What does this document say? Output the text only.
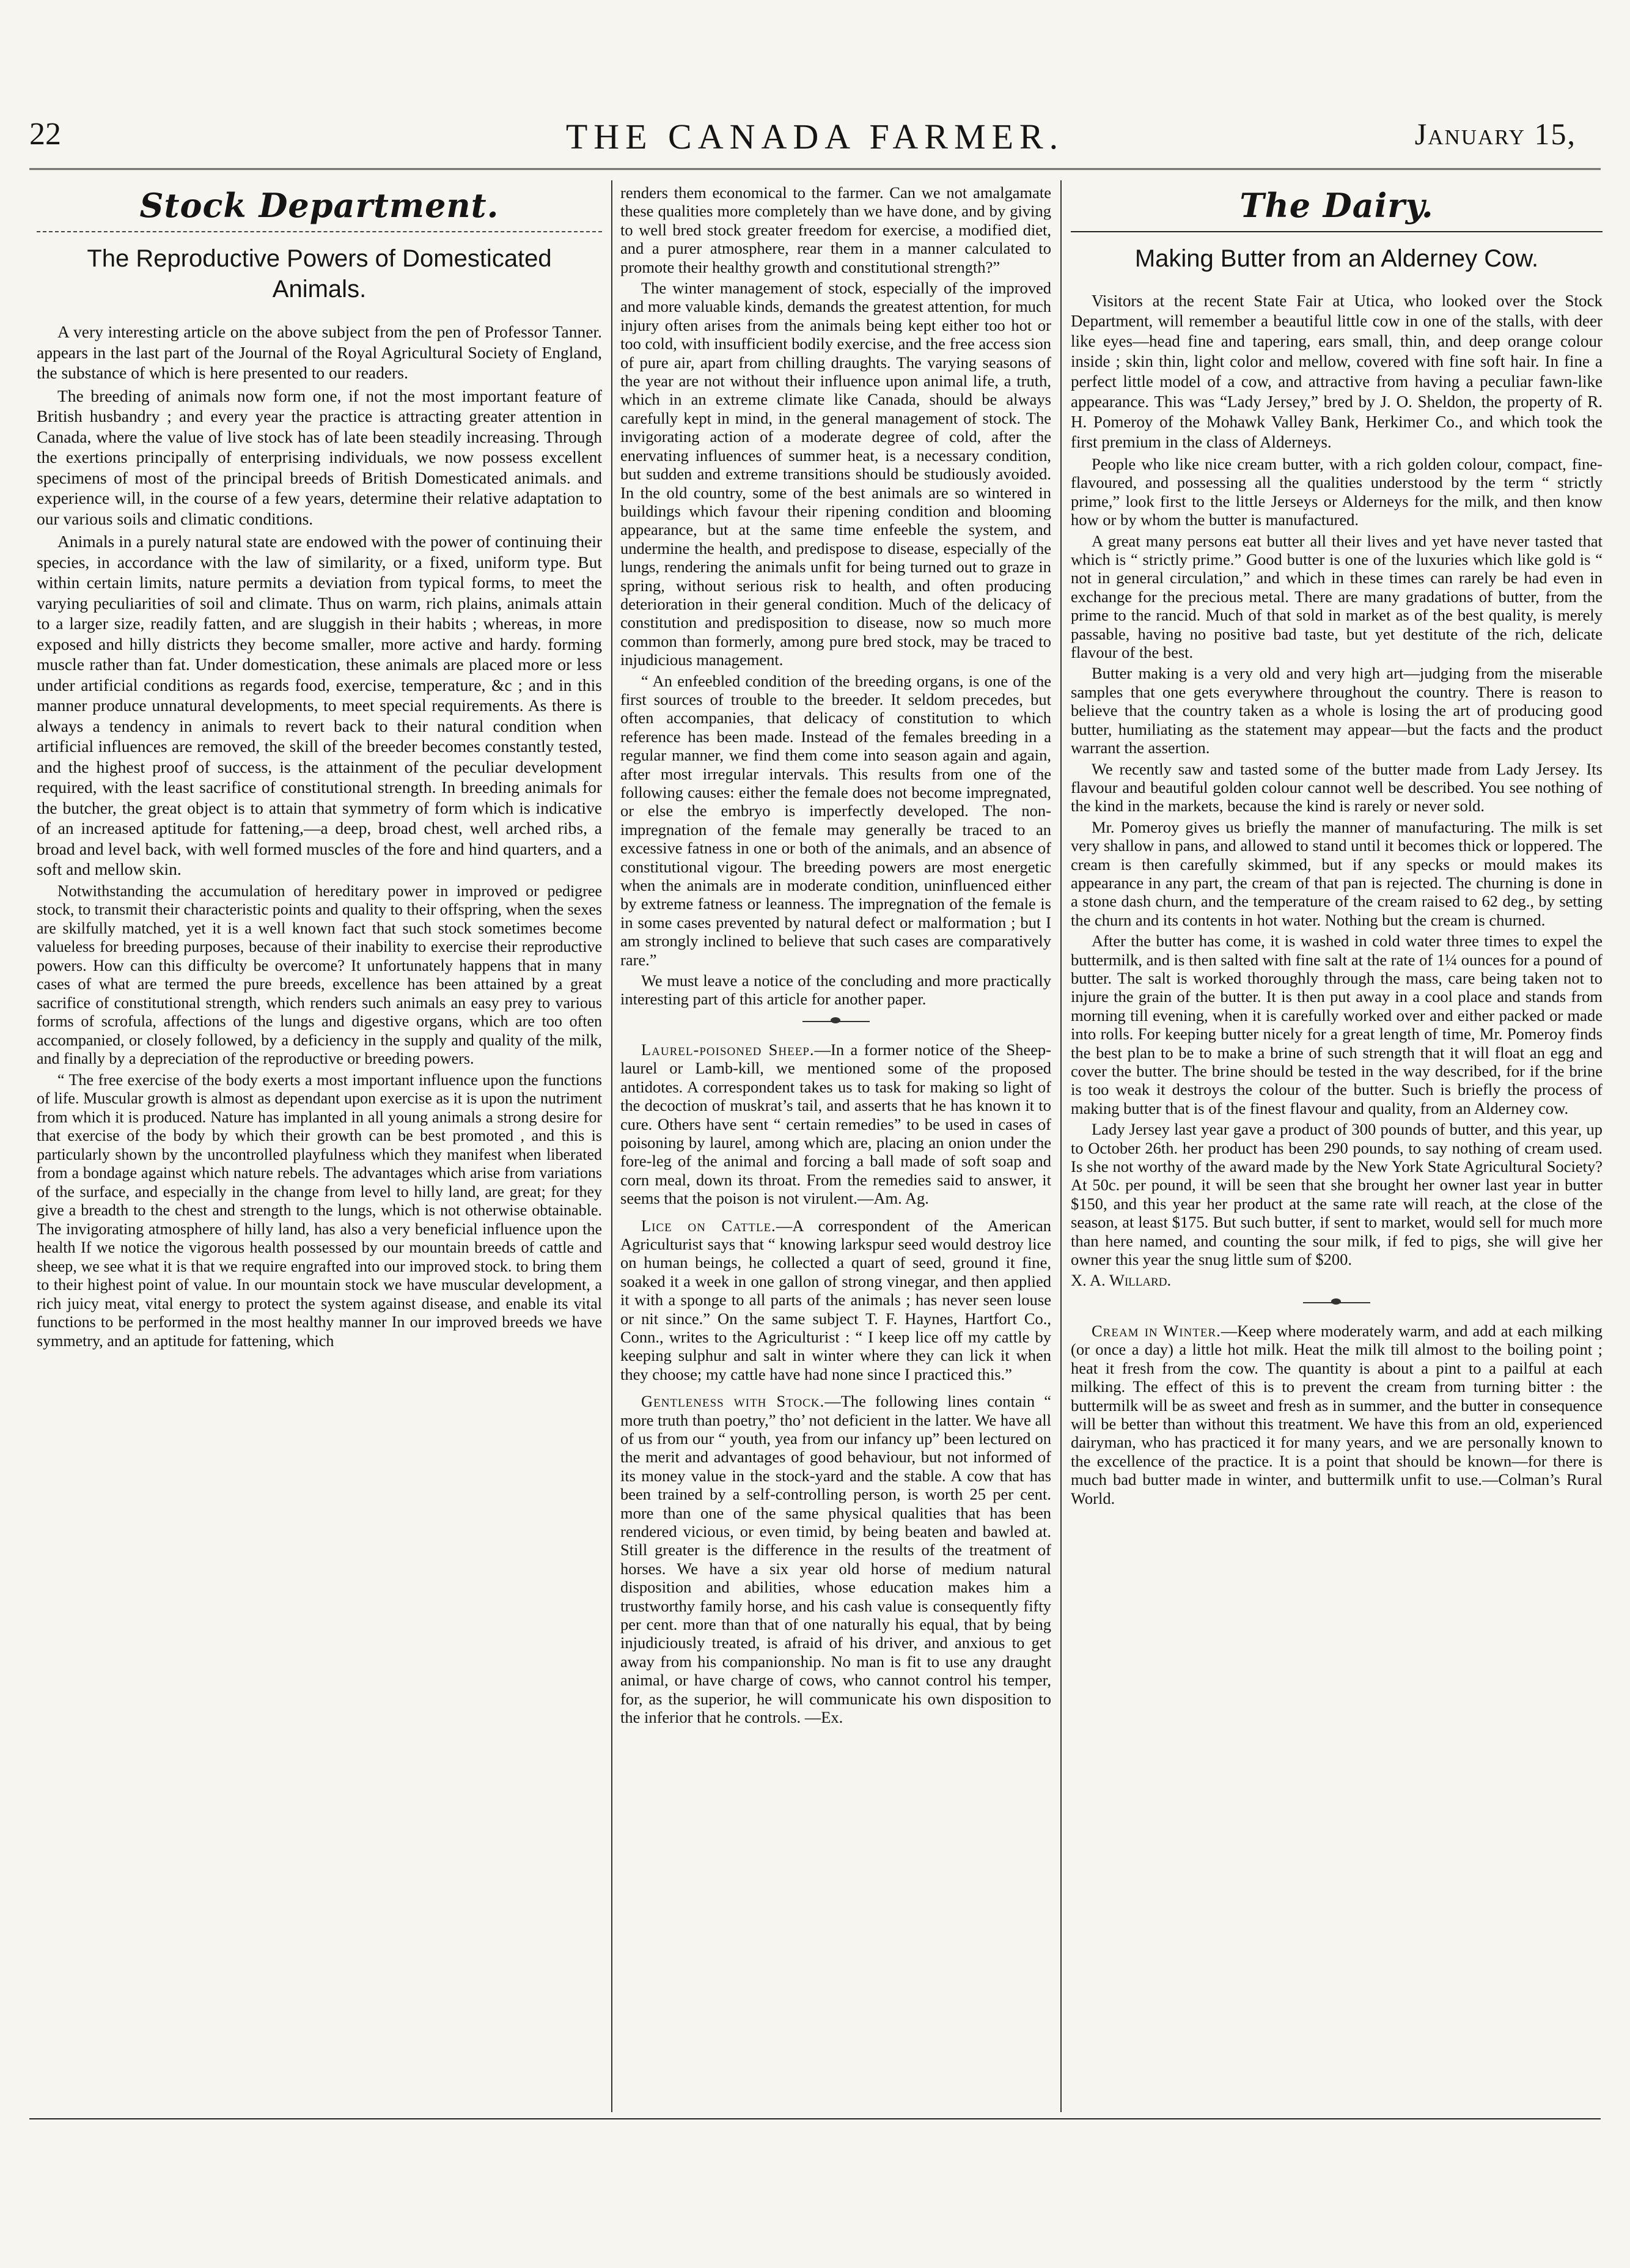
22	THE CANADA FARMER.	January 15,
Stock Department.
The Reproductive Powers of Domesticated Animals.

A very interesting article on the above subject from the pen of Professor Tanner. appears in the last part of the Journal of the Royal Agricultural Society of England, the substance of which is here presented to our readers.

The breeding of animals now form one, if not the most important feature of British husbandry ; and every year the practice is attracting greater attention in Canada, where the value of live stock has of late been steadily increasing. Through the exertions principally of enterprising individuals, we now possess excellent specimens of most of the principal breeds of British Domesticated animals. and experience will, in the course of a few years, determine their relative adaptation to our various soils and climatic conditions.

Animals in a purely natural state are endowed with the power of continuing their species, in accordance with the law of similarity, or a fixed, uniform type. But within certain limits, nature permits a deviation from typical forms, to meet the varying peculiarities of soil and climate. Thus on warm, rich plains, animals attain to a larger size, readily fatten, and are sluggish in their habits ; whereas, in more exposed and hilly districts they become smaller, more active and hardy. forming muscle rather than fat. Under domestication, these animals are placed more or less under artificial conditions as regards food, exercise, temperature, &c ; and in this manner produce unnatural developments, to meet special requirements. As there is always a tendency in animals to revert back to their natural condition when artificial influences are removed, the skill of the breeder becomes constantly tested, and the highest proof of success, is the attainment of the peculiar development required, with the least sacrifice of constitutional strength. In breeding animals for the butcher, the great object is to attain that symmetry of form which is indicative of an increased aptitude for fattening,—a deep, broad chest, well arched ribs, a broad and level back, with well formed muscles of the fore and hind quarters, and a soft and mellow skin.

Notwithstanding the accumulation of hereditary power in improved or pedigree stock, to transmit their characteristic points and quality to their offspring, when the sexes are skilfully matched, yet it is a well known fact that such stock sometimes become valueless for breeding purposes, because of their inability to exercise their reproductive powers. How can this difficulty be overcome? It unfortunately happens that in many cases of what are termed the pure breeds, excellence has been attained by a great sacrifice of constitutional strength, which renders such animals an easy prey to various forms of scrofula, affections of the lungs and digestive organs, which are too often accompanied, or closely followed, by a deficiency in the supply and quality of the milk, and finally by a depreciation of the reproductive or breeding powers.

“ The free exercise of the body exerts a most important influence upon the functions of life. Muscular growth is almost as dependant upon exercise as it is upon the nutriment from which it is produced. Nature has implanted in all young animals a strong desire for that exercise of the body by which their growth can be best promoted , and this is particularly shown by the uncontrolled playfulness which they manifest when liberated from a bondage against which nature rebels. The advantages which arise from variations of the surface, and especially in the change from level to hilly land, are great; for they give a breadth to the chest and strength to the lungs, which is not otherwise obtainable. The invigorating atmosphere of hilly land, has also a very beneficial influence upon the health If we notice the vigorous health possessed by our mountain breeds of cattle and sheep, we see what it is that we require engrafted into our improved stock. to bring them to their highest point of value. In our mountain stock we have muscular development, a rich juicy meat, vital energy to protect the system against disease, and enable its vital functions to be performed in the most healthy manner In our improved breeds we have symmetry, and an aptitude for fattening, which

renders them economical to the farmer. Can we not amalgamate these qualities more completely than we have done, and by giving to well bred stock greater freedom for exercise, a modified diet, and a purer atmosphere, rear them in a manner calculated to promote their healthy growth and constitutional strength?”

The winter management of stock, especially of the improved and more valuable kinds, demands the greatest attention, for much injury often arises from the animals being kept either too hot or too cold, with insufficient bodily exercise, and the free access sion of pure air, apart from chilling draughts. The varying seasons of the year are not without their influence upon animal life, a truth, which in an extreme climate like Canada, should be always carefully kept in mind, in the general management of stock. The invigorating action of a moderate degree of cold, after the enervating influences of summer heat, is a necessary condition, but sudden and extreme transitions should be studiously avoided. In the old country, some of the best animals are so wintered in buildings which favour their ripening condition and blooming appearance, but at the same time enfeeble the system, and undermine the health, and predispose to disease, especially of the lungs, rendering the animals unfit for being turned out to graze in spring, without serious risk to health, and often producing deterioration in their general condition. Much of the delicacy of constitution and predisposition to disease, now so much more common than formerly, among pure bred stock, may be traced to injudicious management.

“ An enfeebled condition of the breeding organs, is one of the first sources of trouble to the breeder. It seldom precedes, but often accompanies, that delicacy of constitution to which reference has been made. Instead of the females breeding in a regular manner, we find them come into season again and again, after most irregular intervals. This results from one of the following causes: either the female does not become impregnated, or else the embryo is imperfectly developed. The non-impregnation of the female may generally be traced to an excessive fatness in one or both of the animals, and an absence of constitutional vigour. The breeding powers are most energetic when the animals are in moderate condition, uninfluenced either by extreme fatness or leanness. The impregnation of the female is in some cases prevented by natural defect or malformation ; but I am strongly inclined to believe that such cases are comparatively rare.”

We must leave a notice of the concluding and more practically interesting part of this article for another paper.

Laurel-poisoned Sheep.—In a former notice of the Sheep-laurel or Lamb-kill, we mentioned some of the proposed antidotes. A correspondent takes us to task for making so light of the decoction of muskrat’s tail, and asserts that he has known it to cure. Others have sent “ certain remedies” to be used in cases of poisoning by laurel, among which are, placing an onion under the fore-leg of the animal and forcing a ball made of soft soap and corn meal, down its throat. From the remedies said to answer, it seems that the poison is not virulent.—Am. Ag.

Lice on Cattle.—A correspondent of the American Agriculturist says that “ knowing larkspur seed would destroy lice on human beings, he collected a quart of seed, ground it fine, soaked it a week in one gallon of strong vinegar, and then applied it with a sponge to all parts of the animals ; has never seen louse or nit since.” On the same subject T. F. Haynes, Hartfort Co., Conn., writes to the Agriculturist : “ I keep lice off my cattle by keeping sulphur and salt in winter where they can lick it when they choose; my cattle have had none since I practiced this.”

Gentleness with Stock.—The following lines contain “ more truth than poetry,” tho’ not deficient in the latter. We have all of us from our “ youth, yea from our infancy up” been lectured on the merit and advantages of good behaviour, but not informed of its money value in the stock-yard and the stable. A cow that has been trained by a self-controlling person, is worth 25 per cent. more than one of the same physical qualities that has been rendered vicious, or even timid, by being beaten and bawled at. Still greater is the difference in the results of the treatment of horses. We have a six year old horse of medium natural disposition and abilities, whose education makes him a trustworthy family horse, and his cash value is consequently fifty per cent. more than that of one naturally his equal, that by being injudiciously treated, is afraid of his driver, and anxious to get away from his companionship. No man is fit to use any draught animal, or have charge of cows, who cannot control his temper, for, as the superior, he will communicate his own disposition to the inferior that he controls. —Ex.

The Dairy.
Making Butter from an Alderney Cow.

Visitors at the recent State Fair at Utica, who looked over the Stock Department, will remember a beautiful little cow in one of the stalls, with deer like eyes—head fine and tapering, ears small, thin, and deep orange colour inside ; skin thin, light color and mellow, covered with fine soft hair. In fine a perfect little model of a cow, and attractive from having a peculiar fawn-like appearance. This was “Lady Jersey,” bred by J. O. Sheldon, the property of R. H. Pomeroy of the Mohawk Valley Bank, Herkimer Co., and which took the first premium in the class of Alderneys.

People who like nice cream butter, with a rich golden colour, compact, fine-flavoured, and possessing all the qualities understood by the term “ strictly prime,” look first to the little Jerseys or Alderneys for the milk, and then know how or by whom the butter is manufactured.

A great many persons eat butter all their lives and yet have never tasted that which is “ strictly prime.” Good butter is one of the luxuries which like gold is “ not in general circulation,” and which in these times can rarely be had even in exchange for the precious metal. There are many gradations of butter, from the prime to the rancid. Much of that sold in market as of the best quality, is merely passable, having no positive bad taste, but yet destitute of the rich, delicate flavour of the best.

Butter making is a very old and very high art—judging from the miserable samples that one gets everywhere throughout the country. There is reason to believe that the country taken as a whole is losing the art of producing good butter, humiliating as the statement may appear—but the facts and the product warrant the assertion.

We recently saw and tasted some of the butter made from Lady Jersey. Its flavour and beautiful golden colour cannot well be described. You see nothing of the kind in the markets, because the kind is rarely or never sold.

Mr. Pomeroy gives us briefly the manner of manufacturing. The milk is set very shallow in pans, and allowed to stand until it becomes thick or loppered. The cream is then carefully skimmed, but if any specks or mould makes its appearance in any part, the cream of that pan is rejected. The churning is done in a stone dash churn, and the temperature of the cream raised to 62 deg., by setting the churn and its contents in hot water. Nothing but the cream is churned.

After the butter has come, it is washed in cold water three times to expel the buttermilk, and is then salted with fine salt at the rate of 1¼ ounces for a pound of butter. The salt is worked thoroughly through the mass, care being taken not to injure the grain of the butter. It is then put away in a cool place and stands from morning till evening, when it is carefully worked over and either packed or made into rolls. For keeping butter nicely for a great length of time, Mr. Pomeroy finds the best plan to be to make a brine of such strength that it will float an egg and cover the butter. The brine should be tested in the way described, for if the brine is too weak it destroys the colour of the butter. Such is briefly the process of making butter that is of the finest flavour and quality, from an Alderney cow.

Lady Jersey last year gave a product of 300 pounds of butter, and this year, up to October 26th. her product has been 290 pounds, to say nothing of cream used. Is she not worthy of the award made by the New York State Agricultural Society? At 50c. per pound, it will be seen that she brought her owner last year in butter $150, and this year her product at the same rate will reach, at the close of the season, at least $175. But such butter, if sent to market, would sell for much more than here named, and counting the sour milk, if fed to pigs, she will give her owner this year the snug little sum of $200.

X. A. Willard.

Cream in Winter.—Keep where moderately warm, and add at each milking (or once a day) a little hot milk. Heat the milk till almost to the boiling point ; heat it fresh from the cow. The quantity is about a pint to a pailful at each milking. The effect of this is to prevent the cream from turning bitter : the buttermilk will be as sweet and fresh as in summer, and the butter in consequence will be better than without this treatment. We have this from an old, experienced dairyman, who has practiced it for many years, and we are personally known to the excellence of the practice. It is a point that should be known—for there is much bad butter made in winter, and buttermilk unfit to use.—Colman’s Rural World.
